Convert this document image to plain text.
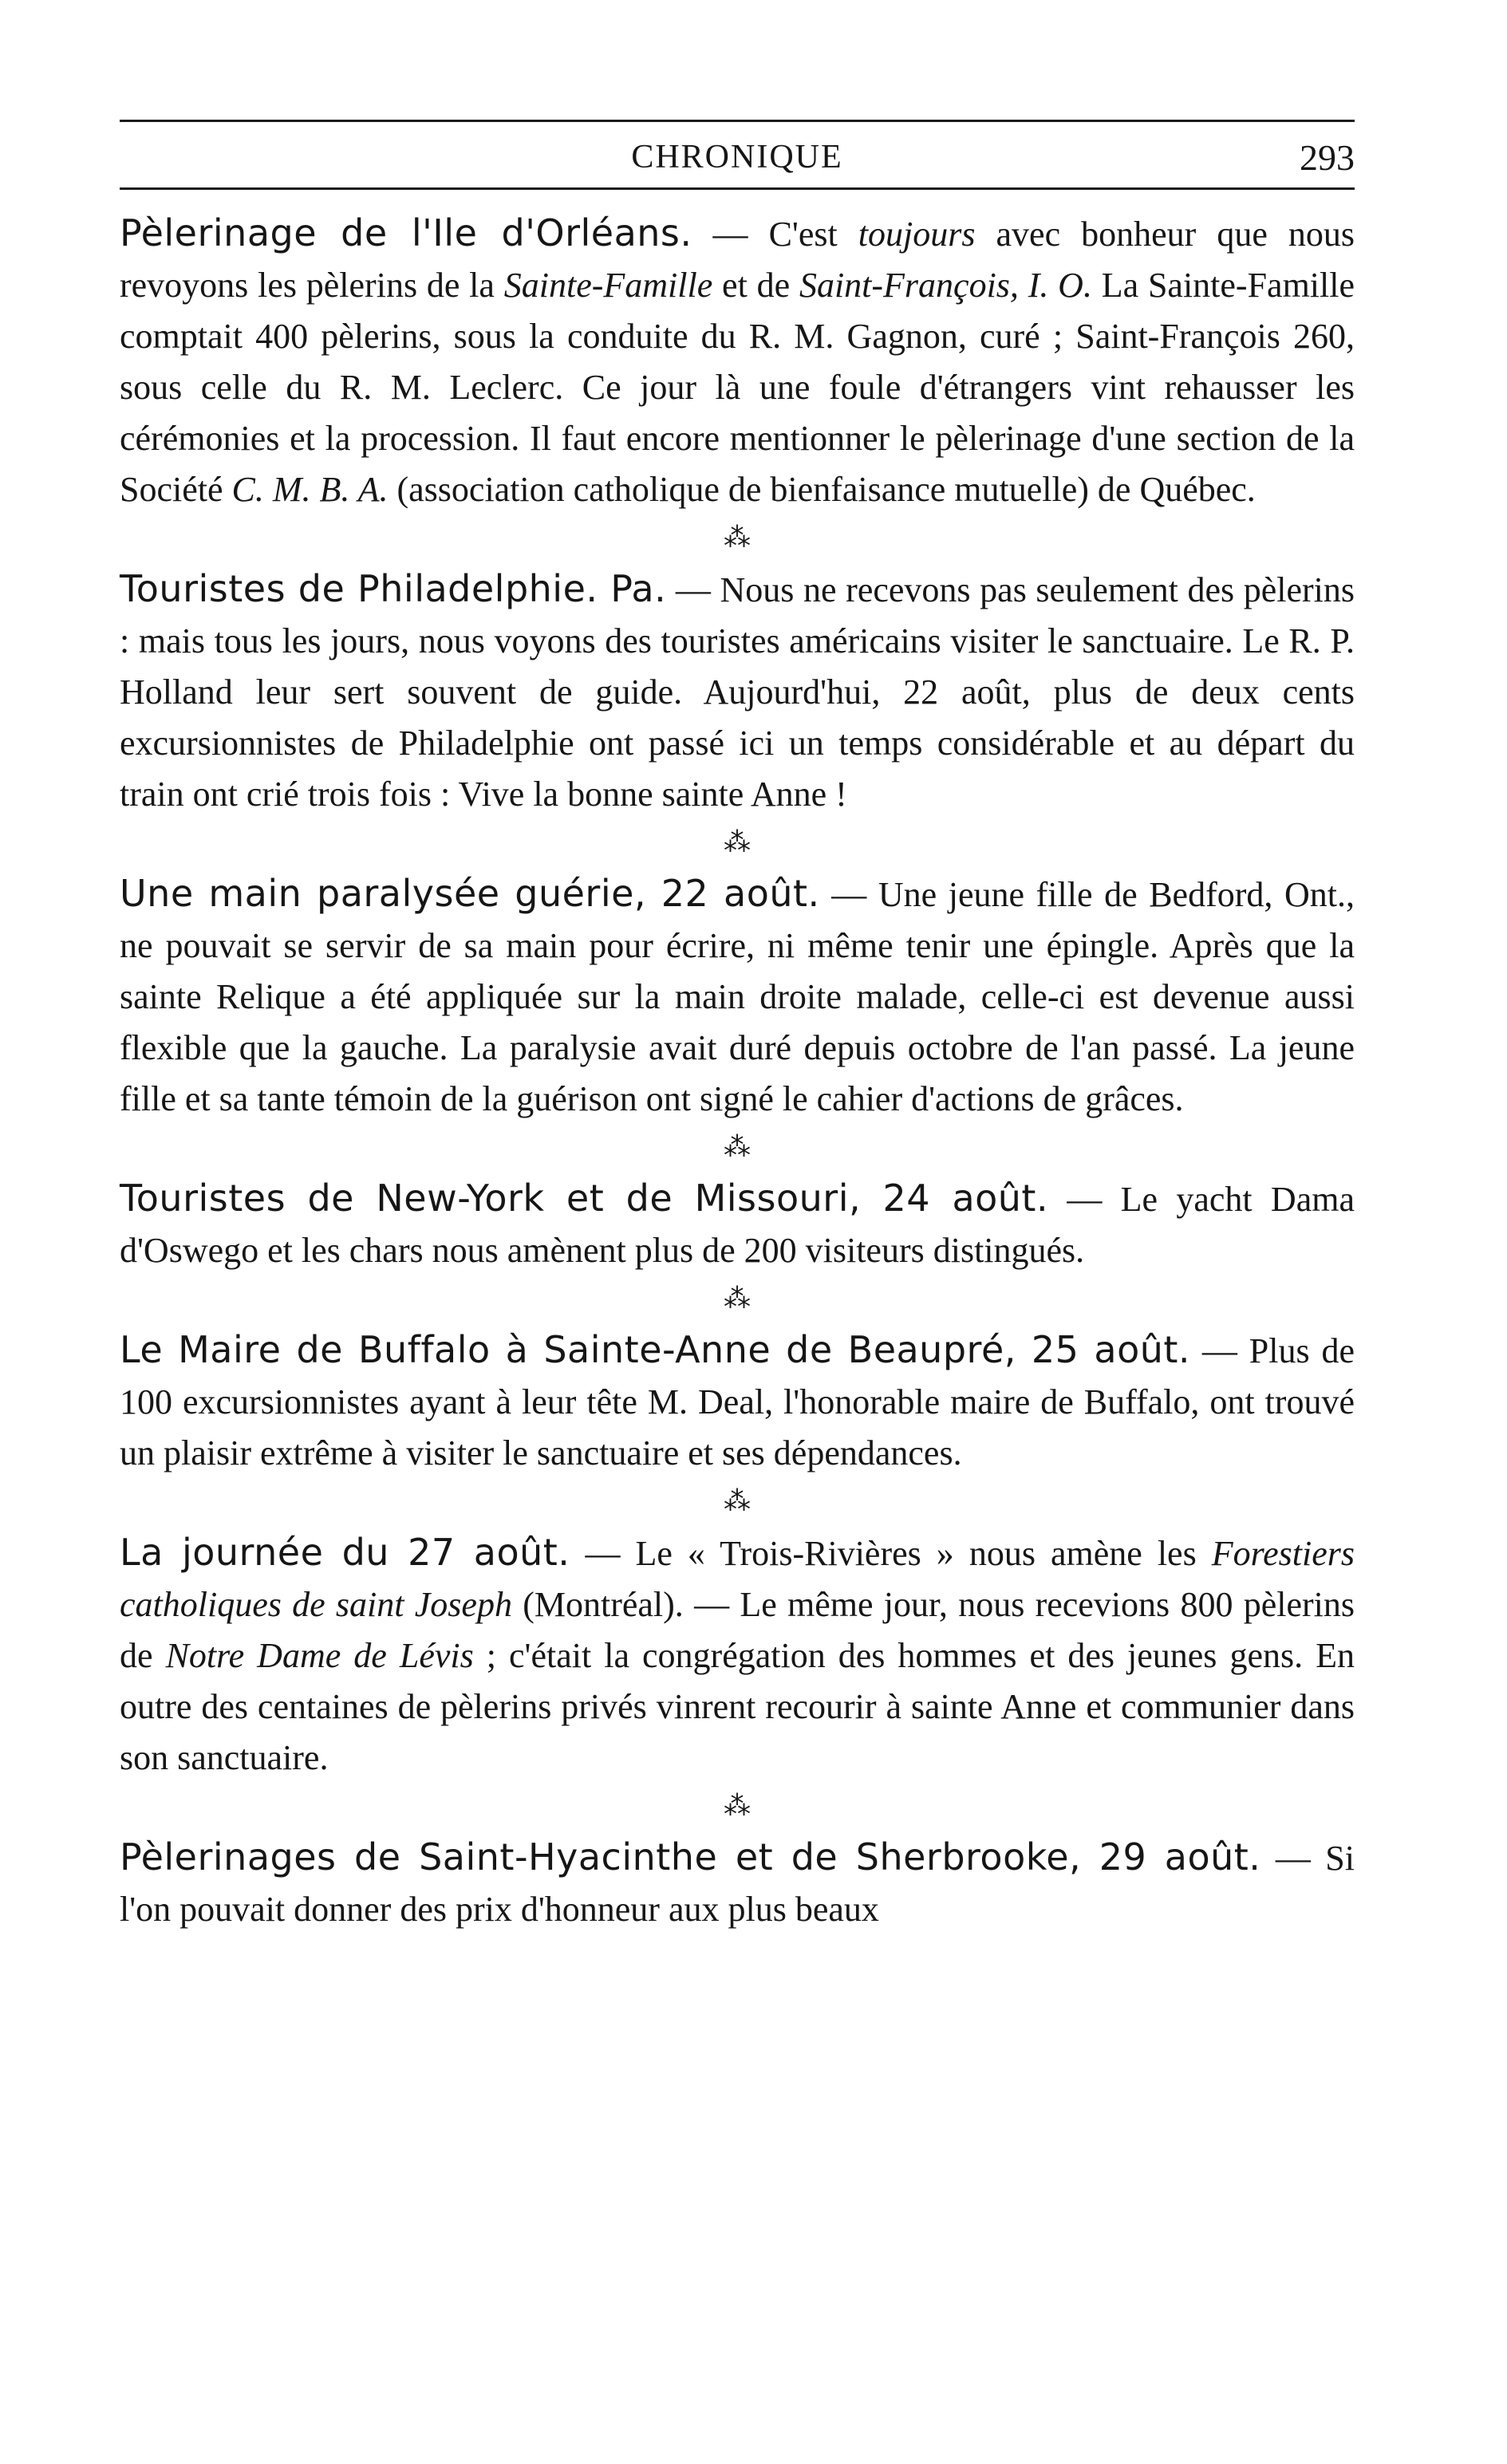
CHRONIQUE	293

Pèlerinage de l'Ile d'Orléans. — C'est toujours avec bonheur que nous revoyons les pèlerins de la Sainte-Famille et de Saint-François, I. O. La Sainte-Famille comptait 400 pèlerins, sous la conduite du R. M. Gagnon, curé ; Saint-François 260, sous celle du R. M. Leclerc. Ce jour là une foule d'étrangers vint rehausser les cérémonies et la procession. Il faut encore mentionner le pèlerinage d'une section de la Société C. M. B. A. (association catholique de bienfaisance mutuelle) de Québec.

⁂

Touristes de Philadelphie. Pa. — Nous ne recevons pas seulement des pèlerins : mais tous les jours, nous voyons des touristes américains visiter le sanctuaire. Le R. P. Holland leur sert souvent de guide. Aujourd'hui, 22 août, plus de deux cents excursionnistes de Philadelphie ont passé ici un temps considérable et au départ du train ont crié trois fois : Vive la bonne sainte Anne !

⁂

Une main paralysée guérie, 22 août. — Une jeune fille de Bedford, Ont., ne pouvait se servir de sa main pour écrire, ni même tenir une épingle. Après que la sainte Relique a été appliquée sur la main droite malade, celle-ci est devenue aussi flexible que la gauche. La paralysie avait duré depuis octobre de l'an passé. La jeune fille et sa tante témoin de la guérison ont signé le cahier d'actions de grâces.

⁂

Touristes de New-York et de Missouri, 24 août. — Le yacht Dama d'Oswego et les chars nous amènent plus de 200 visiteurs distingués.

⁂

Le Maire de Buffalo à Sainte-Anne de Beaupré, 25 août. — Plus de 100 excursionnistes ayant à leur tête M. Deal, l'honorable maire de Buffalo, ont trouvé un plaisir extrême à visiter le sanctuaire et ses dépendances.

⁂

La journée du 27 août. — Le « Trois-Rivières » nous amène les Forestiers catholiques de saint Joseph (Montréal). — Le même jour, nous recevions 800 pèlerins de Notre Dame de Lévis ; c'était la congrégation des hommes et des jeunes gens. En outre des centaines de pèlerins privés vinrent recourir à sainte Anne et communier dans son sanctuaire.

⁂

Pèlerinages de Saint-Hyacinthe et de Sherbrooke, 29 août. — Si l'on pouvait donner des prix d'honneur aux plus beaux
